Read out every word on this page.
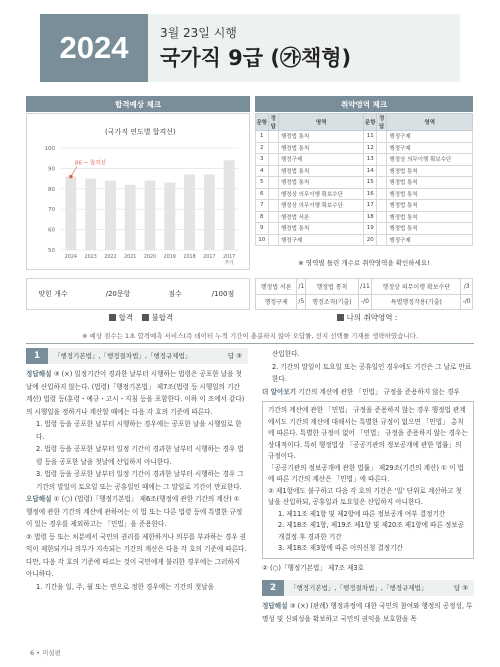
2024	3월 23일 시행
국가직 9급 (㉮책형)
합격예상 체크	취약영역 체크
(국가직 연도별 합격선)
50
60
70
80
90
100
2024 2023 2022 2021 2020 2019 2018 2017 2017
추가
86 ~ 합격선
문항	정답	영역	문항	정답	영역
1		행정법 통칙	11		행정구제
2		행정법 통칙	12		행정구제
3		행정구제	13		행정상 의무이행 확보수단
4		행정법 통칙	14		행정법 통칙
5		행정법 통칙	15		행정법 통칙
6		행정상 의무이행 확보수단	16		행정법 통칙
7		행정상 의무이행 확보수단	17		행정법 통칙
8		행정법 서론	18		행정법 통칙
9		행정법 통칙	19		행정법 통칙
10		행정구제	20		행정구제
※ 영역별 틀린 개수로 취약영역을 확인하세요!
맞힌 개수	/20문항	점수	/100점
행정법 서론	/1	행정법 통칙	/11	행정상 의무이행 확보수단	/3
행정구제	/5	행정조직(기출)	-/0	특별행정작용(기출)	-/0
합격 불합격	나의 취약영역 :
※ 예상 점수는 1초 합격예측 서비스(즉 데이터 누적 기간이 충분하지 않아 오답률, 선지 선택률 기재를 생략하였습니다.
1	「행정기본법」,「행정절차법」,「행정규제법」	답 ③

정답해설 ③ (×) 일정기간이 경과한 날부터 시행하는 법령은 공포한 날을 첫날에 산입하지 않는다. (법령)「행정기본법」 제7조(법령 등 시행일의 기간 계산) 법령 등(훈령・예규・고시・지침 등을 포함한다. 이하 이 조에서 같다)의 시행일을 정하거나 계산할 때에는 다음 각 호의 기준에 따른다.

1. 법령 등을 공포한 날부터 시행하는 경우에는 공포한 날을 시행일로 한다.

2. 법령 등을 공포한 날부터 일정 기간이 경과한 날부터 시행하는 경우 법령 등을 공포한 날을 첫날에 산입하지 아니한다.

3. 법령 등을 공포한 날부터 일정 기간이 경과한 날부터 시행하는 경우 그 기간의 말일이 토요일 또는 공휴일인 때에는 그 말일로 기간이 만료한다.

오답해설 ① (○) (법령)「행정기본법」 제6조(행정에 관한 기간의 계산) ① 행정에 관한 기간의 계산에 관하여는 이 법 또는 다른 법령 등에 특별한 규정이 있는 경우를 제외하고는 「민법」을 준용한다.

② 법령 등 또는 처분에서 국민의 권리를 제한하거나 의무를 부과하는 경우 권익이 제한되거나 의무가 지속되는 기간의 계산은 다음 각 호의 기준에 따른다. 다만, 다음 각 호의 기준에 따르는 것이 국민에게 불리한 경우에는 그러하지 아니하다.

1. 기간을 일, 주, 월 또는 연으로 정한 경우에는 기간의 첫날을

산입한다.

2. 기간의 말일이 토요일 또는 공휴일인 경우에도 기간은 그 날로 만료한다.

더 알아보기 기간의 계산에 관한 「민법」 규정을 준용하지 않는 경우

기간의 계산에 관한 「민법」 규정을 준용하지 않는 경우 행정법 관계에서도 기간의 계산에 대해서는 특별한 규정이 없으면 「민법」 총칙에 따른다. 특별한 규정이 없어 「민법」 규정을 준용하지 않는 경우는 상대적이다. 특히 행정법상 「공공기관의 정보공개에 관한 법률」의 규정이다.

「공공기관의 정보공개에 관한 법률」 제29조(기간의 계산) ① 이 법에 따른 기간의 계산은 「민법」에 따른다.

② 제1항에도 불구하고 다음 각 호의 기간은 '일' 단위로 계산하고 첫날을 산입하되, 공휴일과 토요일은 산입하지 아니한다.

1. 제11조 제1항 및 제2항에 따른 정보공개 여부 결정기간

2. 제18조 제1항, 제19조 제1항 및 제20조 제1항에 따른 정보공개결정 후 경과한 기간

3. 제18조 제3항에 따른 이의신청 결정기간

② (○)「행정기본법」 제7조 제3호

2	「행정기본법」,「행정절차법」,「행정규제법」	답 ③

정답해설 ③ (×) (판례) 행정과정에 대한 국민의 참여와 행정의 공정성, 투명성 및 신뢰성을 확보하고 국민의 권익을 보호함을 목

6 • 미설편
